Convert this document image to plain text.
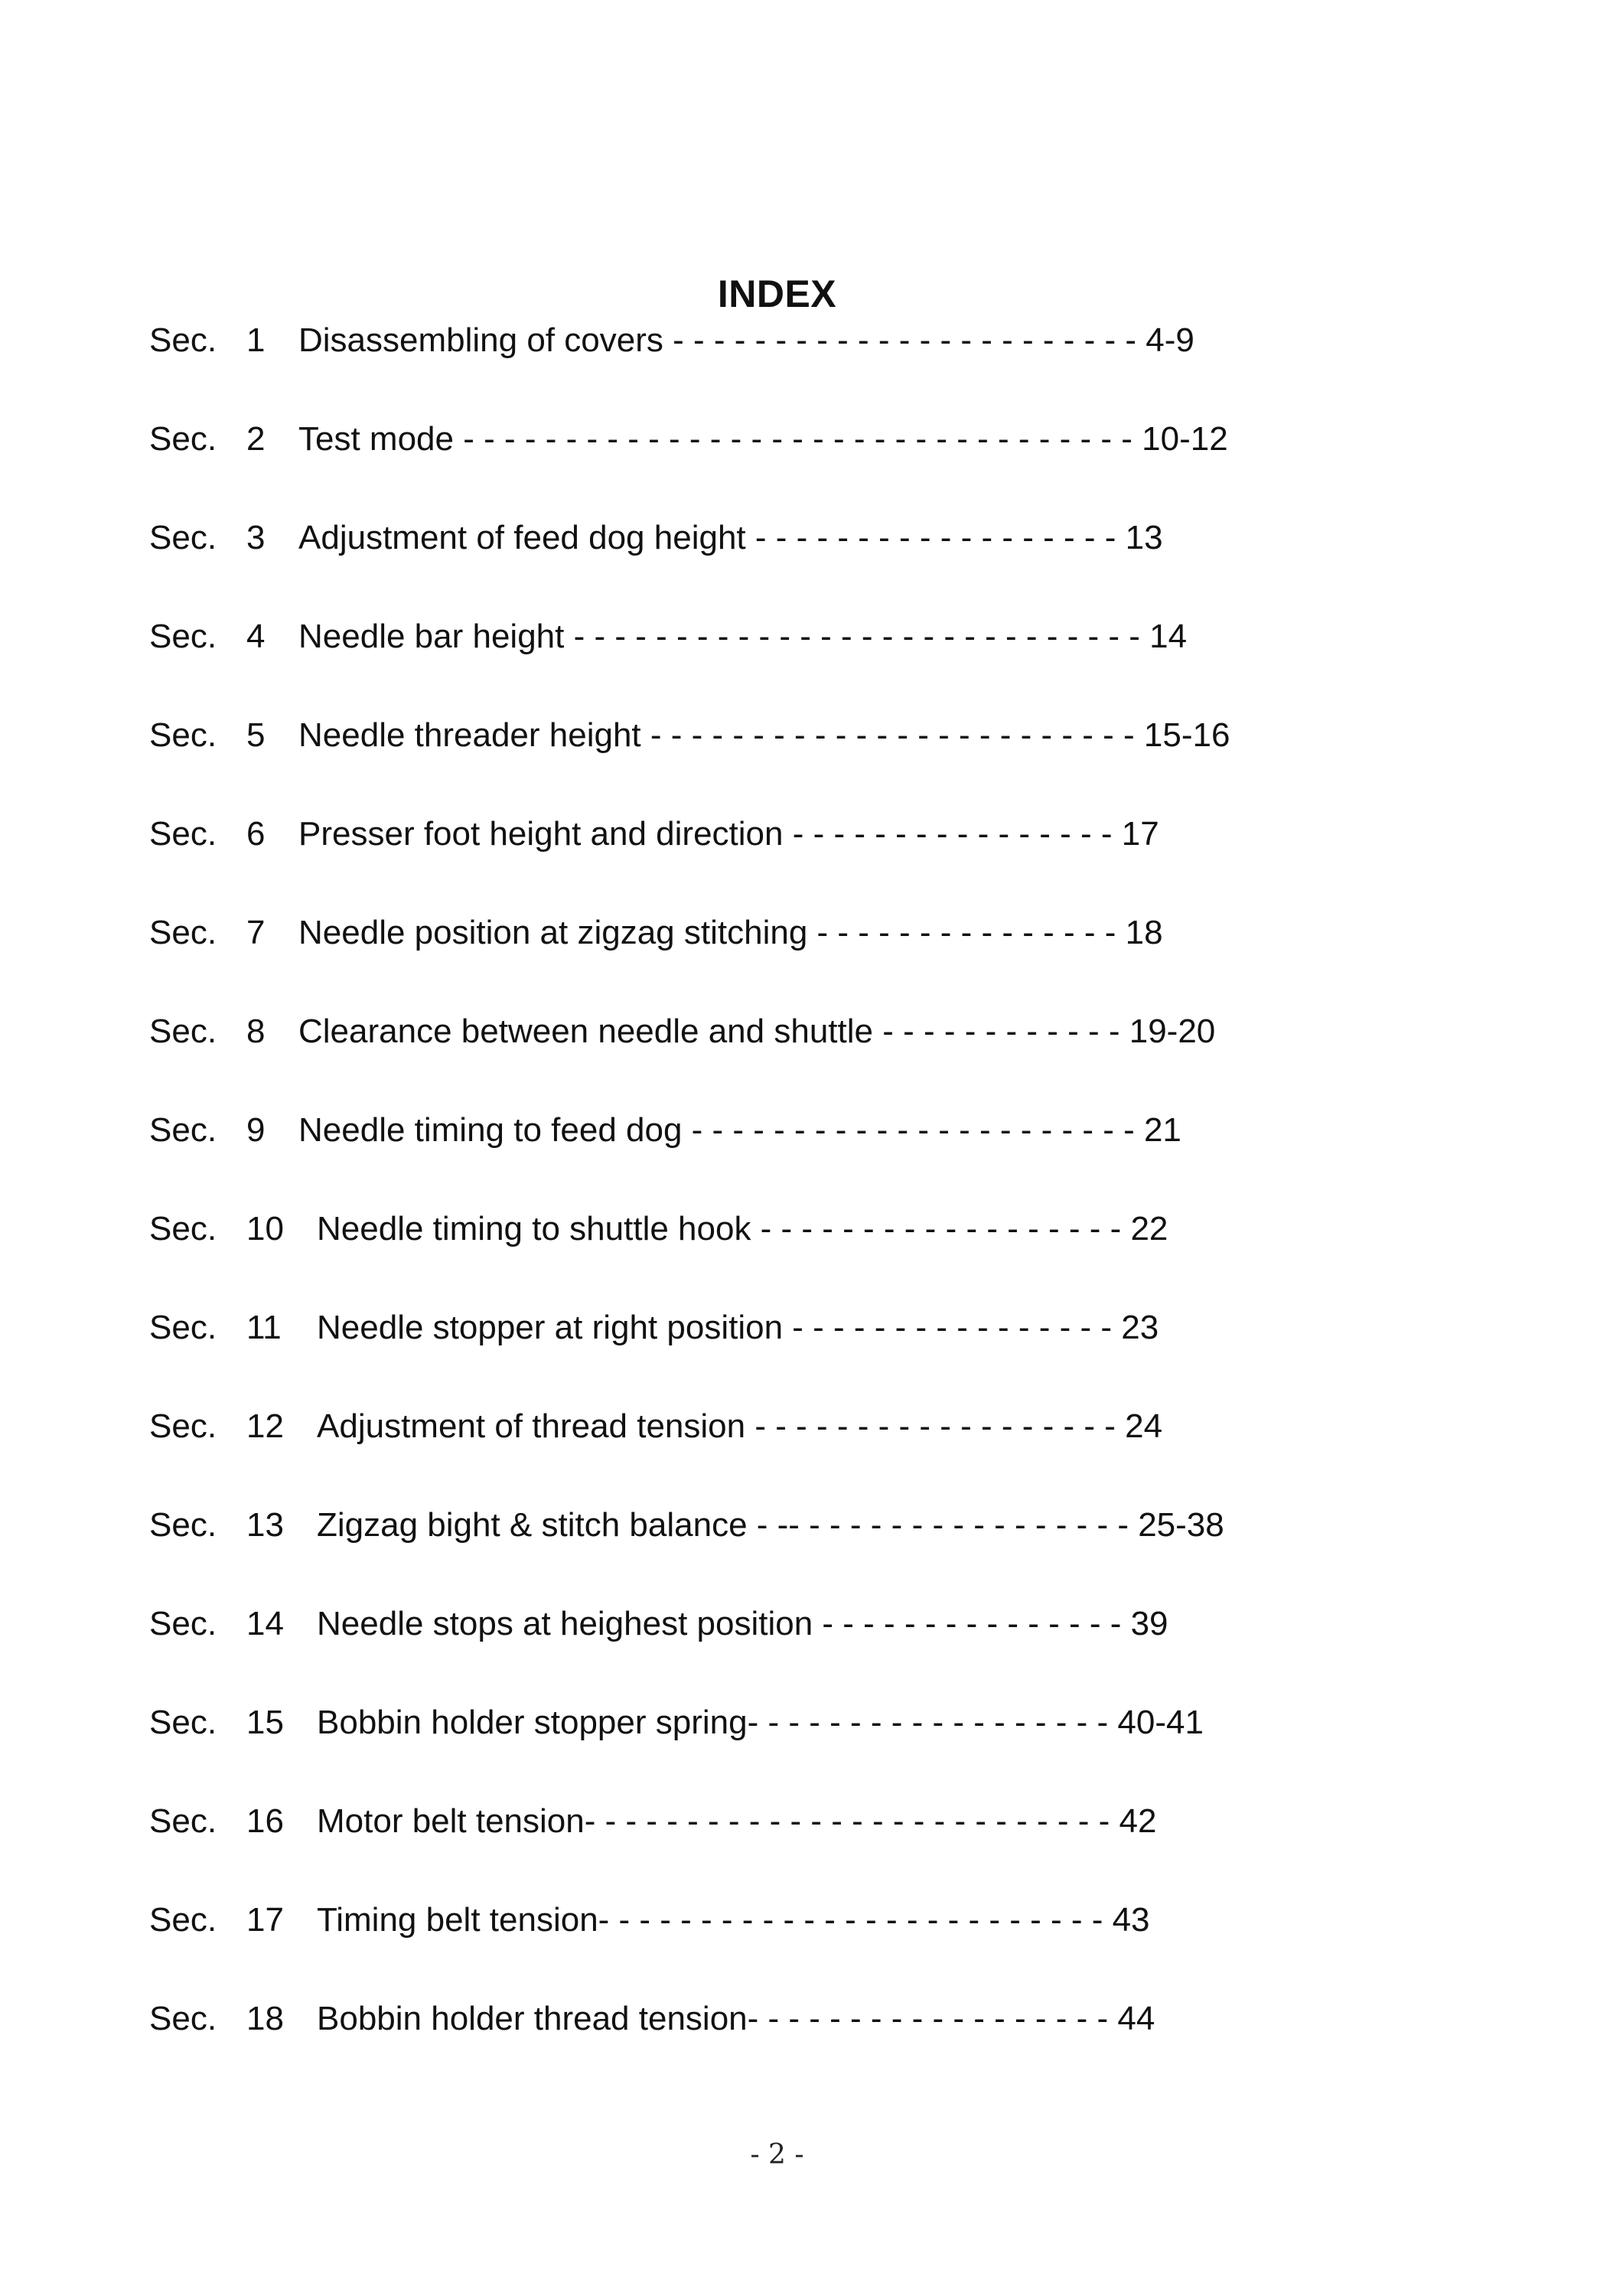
INDEX
Sec. 1 Disassembling of covers - - - - - - - - - - - - - - - - - - - - - - - 4-9
Sec. 2 Test mode - - - - - - - - - - - - - - - - - - - - - - - - - - - - - - - - - 10-12
Sec. 3 Adjustment of feed dog height - - - - - - - - - - - - - - - - - - 13
Sec. 4 Needle bar height - - - - - - - - - - - - - - - - - - - - - - - - - - - - 14
Sec. 5 Needle threader height - - - - - - - - - - - - - - - - - - - - - - - - 15-16
Sec. 6 Presser foot height and direction - - - - - - - - - - - - - - - - 17
Sec. 7 Needle position at zigzag stitching - - - - - - - - - - - - - - - 18
Sec. 8 Clearance between needle and shuttle - - - - - - - - - - - - 19-20
Sec. 9 Needle timing to feed dog - - - - - - - - - - - - - - - - - - - - - - 21
Sec. 10 Needle timing to shuttle hook - - - - - - - - - - - - - - - - - - 22
Sec. 11 Needle stopper at right position - - - - - - - - - - - - - - - - 23
Sec. 12 Adjustment of thread tension - - - - - - - - - - - - - - - - - - 24
Sec. 13 Zigzag bight & stitch balance - -- - - - - - - - - - - - - - - - - 25-38
Sec. 14 Needle stops at heighest position - - - - - - - - - - - - - - - 39
Sec. 15 Bobbin holder stopper spring- - - - - - - - - - - - - - - - - - 40-41
Sec. 16 Motor belt tension- - - - - - - - - - - - - - - - - - - - - - - - - - 42
Sec. 17 Timing belt tension- - - - - - - - - - - - - - - - - - - - - - - - - 43
Sec. 18 Bobbin holder thread tension- - - - - - - - - - - - - - - - - - 44
- 2 -
